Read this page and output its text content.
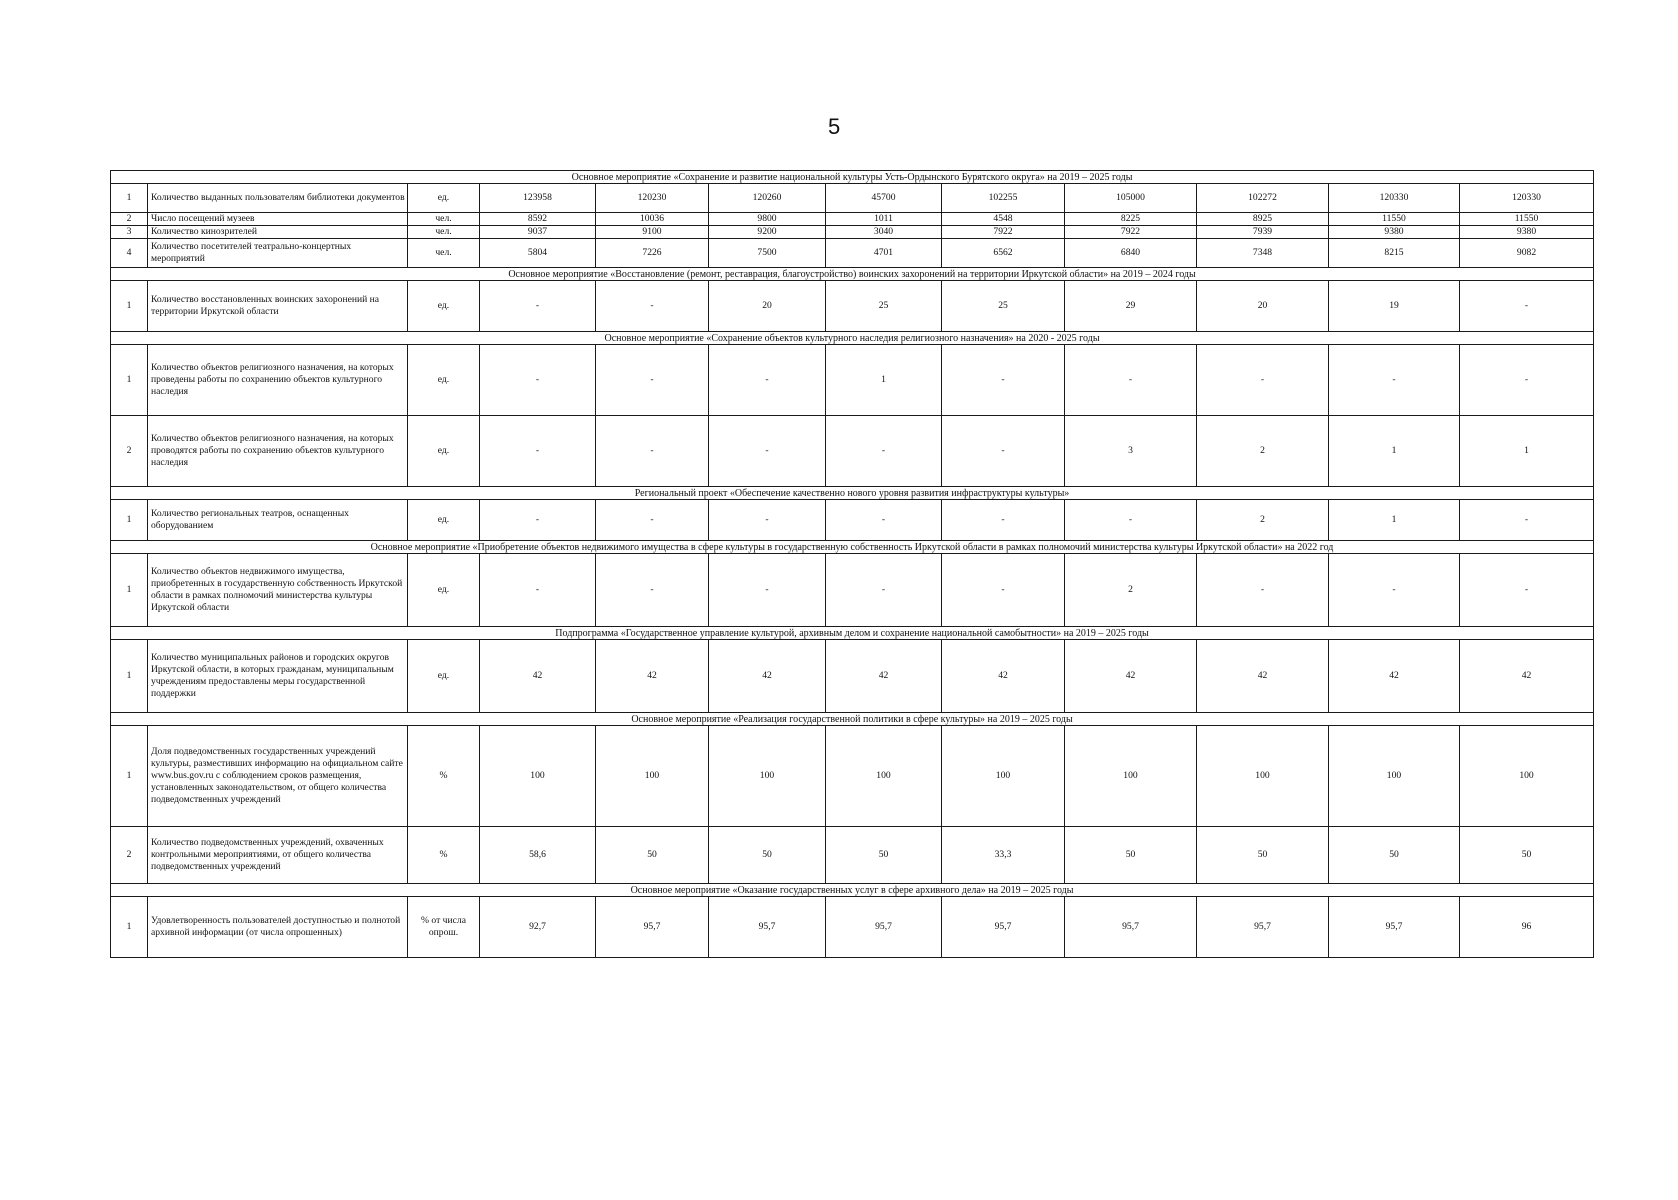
5
Основное мероприятие «Сохранение и развитие национальной культуры Усть-Ордынского Бурятского округа» на 2019 – 2025 годы											
1	Количество выданных пользователям библиотеки документов	ед.	123958	120230	120260	45700	102255	105000	102272	120330	120330
2	Число посещений музеев	чел.	8592	10036	9800	1011	4548	8225	8925	11550	11550
3	Количество кинозрителей	чел.	9037	9100	9200	3040	7922	7922	7939	9380	9380
4	Количество посетителей театрально-концертных мероприятий	чел.	5804	7226	7500	4701	6562	6840	7348	8215	9082
Основное мероприятие «Восстановление (ремонт, реставрация, благоустройство) воинских захоронений на территории Иркутской области» на 2019 – 2024 годы											
1	Количество восстановленных воинских захоронений на территории Иркутской области	ед.	-	-	20	25	25	29	20	19	-
Основное мероприятие «Сохранение объектов культурного наследия религиозного назначения» на 2020 - 2025 годы											
1	Количество объектов религиозного назначения, на которых проведены работы по сохранению объектов культурного наследия	ед.	-	-	-	1	-	-	-	-	-
2	Количество объектов религиозного назначения, на которых проводятся работы по сохранению объектов культурного наследия	ед.	-	-	-	-	-	3	2	1	1
Региональный проект «Обеспечение качественно нового уровня развития инфраструктуры культуры»											
1	Количество региональных театров, оснащенных оборудованием	ед.	-	-	-	-	-	-	2	1	-
Основное мероприятие «Приобретение объектов недвижимого имущества в сфере культуры в государственную собственность Иркутской области в рамках полномочий министерства культуры Иркутской области» на 2022 год											
1	Количество объектов недвижимого имущества, приобретенных в государственную собственность Иркутской области в рамках полномочий министерства культуры Иркутской области	ед.	-	-	-	-	-	2	-	-	-
Подпрограмма «Государственное управление культурой, архивным делом и сохранение национальной самобытности» на 2019 – 2025 годы											
1	Количество муниципальных районов и городских округов Иркутской области, в которых гражданам, муниципальным учреждениям предоставлены меры государственной поддержки	ед.	42	42	42	42	42	42	42	42	42
Основное мероприятие «Реализация государственной политики в сфере культуры» на 2019 – 2025 годы											
1	Доля подведомственных государственных учреждений культуры, разместивших информацию на официальном сайте www.bus.gov.ru с соблюдением сроков размещения, установленных законодательством, от общего количества подведомственных учреждений	%	100	100	100	100	100	100	100	100	100
2	Количество подведомственных учреждений, охваченных контрольными мероприятиями, от общего количества подведомственных учреждений	%	58,6	50	50	50	33,3	50	50	50	50
Основное мероприятие «Оказание государственных услуг в сфере архивного дела» на 2019 – 2025 годы											
1	Удовлетворенность пользователей доступностью и полнотой архивной информации (от числа опрошенных)	% от числа опрош.	92,7	95,7	95,7	95,7	95,7	95,7	95,7	95,7	96
